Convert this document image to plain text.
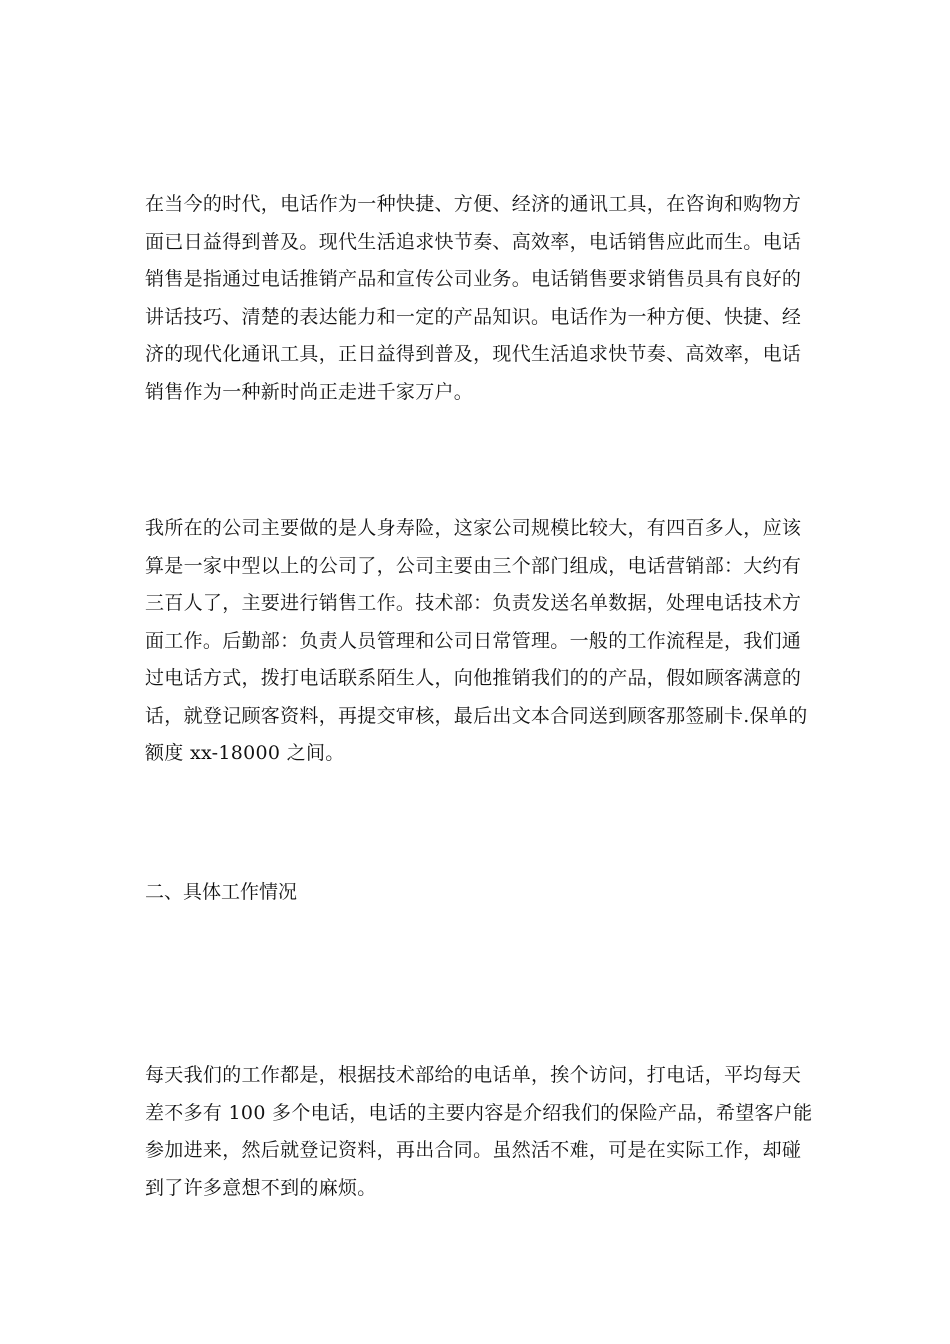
在当今的时代，电话作为一种快捷、方便、经济的通讯工具，在咨询和购物方
面已日益得到普及。现代生活追求快节奏、高效率，电话销售应此而生。电话
销售是指通过电话推销产品和宣传公司业务。电话销售要求销售员具有良好的
讲话技巧、清楚的表达能力和一定的产品知识。电话作为一种方便、快捷、经
济的现代化通讯工具，正日益得到普及，现代生活追求快节奏、高效率，电话
销售作为一种新时尚正走进千家万户。
我所在的公司主要做的是人身寿险，这家公司规模比较大，有四百多人，应该
算是一家中型以上的公司了，公司主要由三个部门组成，电话营销部：大约有
三百人了，主要进行销售工作。技术部：负责发送名单数据，处理电话技术方
面工作。后勤部：负责人员管理和公司日常管理。一般的工作流程是，我们通
过电话方式，拨打电话联系陌生人，向他推销我们的的产品，假如顾客满意的
话，就登记顾客资料，再提交审核，最后出文本合同送到顾客那签刷卡.保单的
额度 xx-18000 之间。
二、具体工作情况
每天我们的工作都是，根据技术部给的电话单，挨个访问，打电话，平均每天
差不多有 100 多个电话，电话的主要内容是介绍我们的保险产品，希望客户能
参加进来，然后就登记资料，再出合同。虽然活不难，可是在实际工作，却碰
到了许多意想不到的麻烦。
